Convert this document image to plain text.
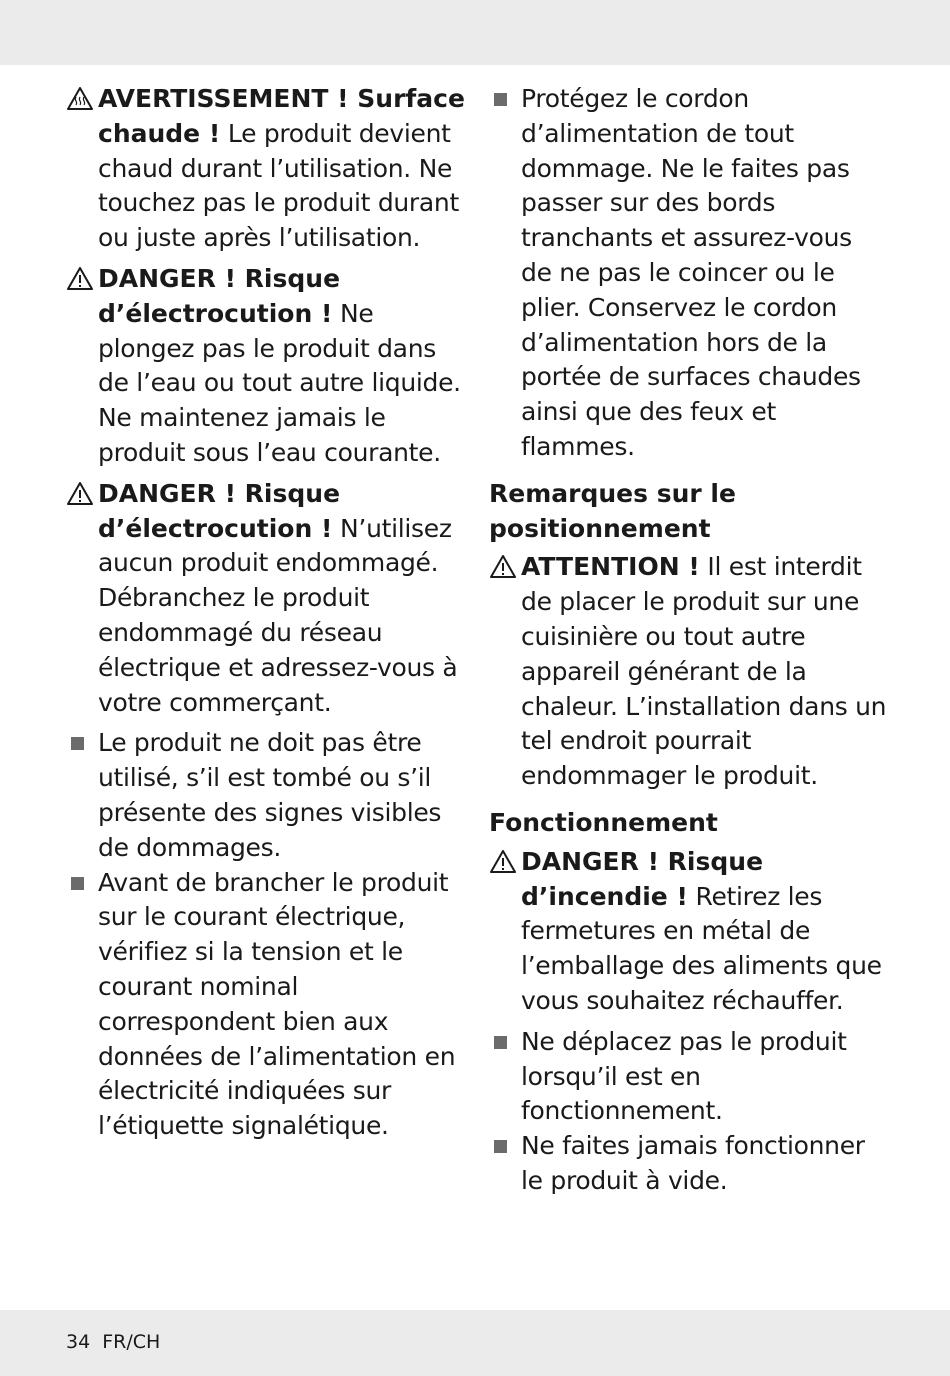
AVERTISSEMENT ! Surface chaude ! Le produit devient chaud durant l’utilisation. Ne touchez pas le produit durant ou juste après l’utilisation.
DANGER ! Risque d’électrocution ! Ne plongez pas le produit dans de l’eau ou tout autre liquide. Ne maintenez jamais le produit sous l’eau courante.
DANGER ! Risque d’électrocution ! N’utilisez aucun produit endommagé. Débranchez le produit endommagé du réseau électrique et adressez-vous à votre commerçant.
Le produit ne doit pas être utilisé, s’il est tombé ou s’il présente des signes visibles de dommages.
Avant de brancher le produit sur le courant électrique, vérifiez si la tension et le courant nominal correspondent bien aux données de l’alimentation en électricité indiquées sur l’étiquette signalétique.
Protégez le cordon d’alimentation de tout dommage. Ne le faites pas passer sur des bords tranchants et assurez-vous de ne pas le coincer ou le plier. Conservez le cordon d’alimentation hors de la portée de surfaces chaudes ainsi que des feux et flammes.
Remarques sur le positionnement
ATTENTION ! Il est interdit de placer le produit sur une cuisinière ou tout autre appareil générant de la chaleur. L’installation dans un tel endroit pourrait endommager le produit.
Fonctionnement
DANGER ! Risque d’incendie ! Retirez les fermetures en métal de l’emballage des aliments que vous souhaitez réchauffer.
Ne déplacez pas le produit lorsqu’il est en fonctionnement.
Ne faites jamais fonctionner le produit à vide.
34 FR/CH
